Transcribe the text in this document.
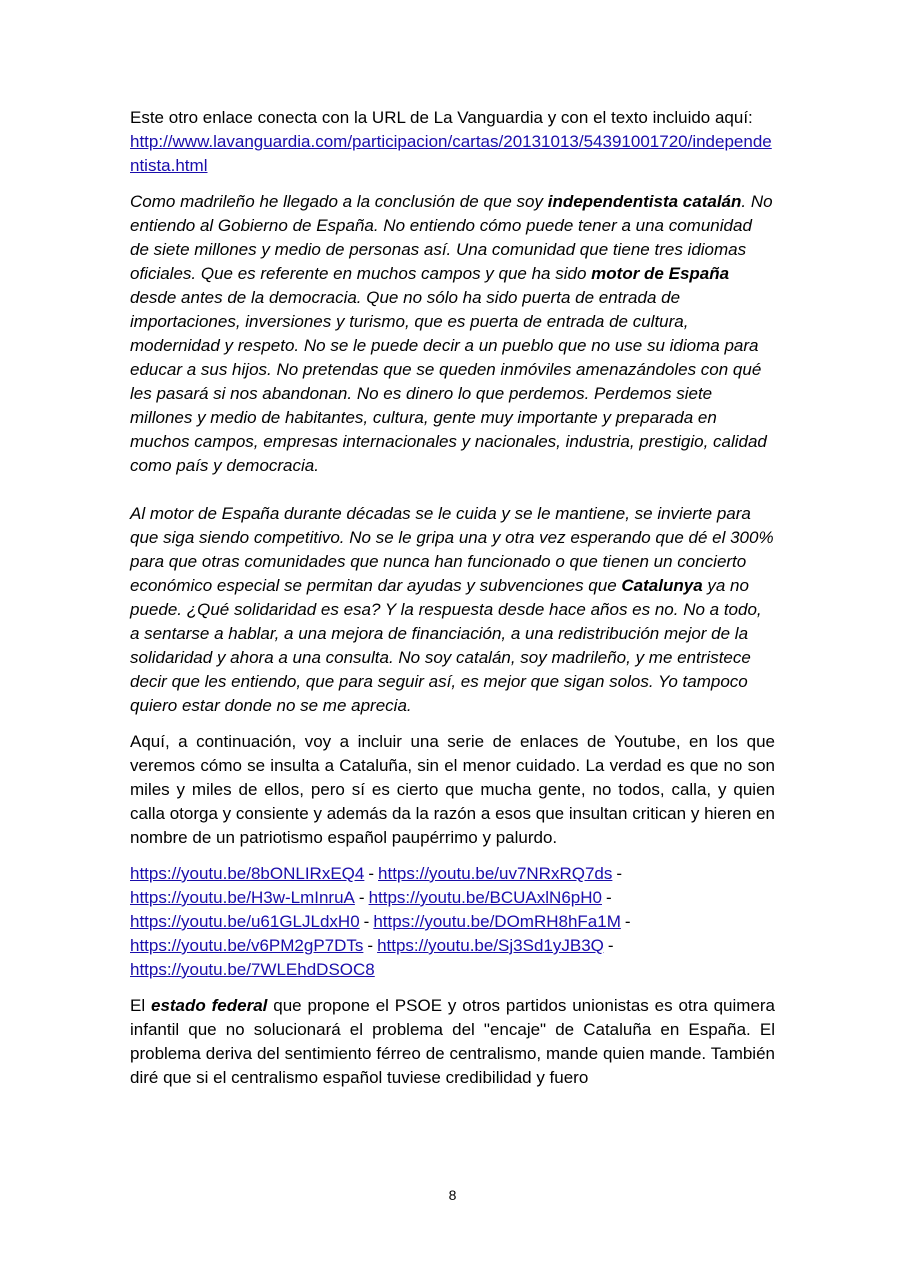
Este otro enlace conecta con la URL de La Vanguardia y con el texto incluido aquí:
http://www.lavanguardia.com/participacion/cartas/20131013/54391001720/independentista.html

Como madrileño he llegado a la conclusión de que soy independentista catalán. No entiendo al Gobierno de España. No entiendo cómo puede tener a una comunidad de siete millones y medio de personas así. Una comunidad que tiene tres idiomas oficiales. Que es referente en muchos campos y que ha sido motor de España desde antes de la democracia. Que no sólo ha sido puerta de entrada de importaciones, inversiones y turismo, que es puerta de entrada de cultura, modernidad y respeto. No se le puede decir a un pueblo que no use su idioma para educar a sus hijos. No pretendas que se queden inmóviles amenazándoles con qué les pasará si nos abandonan. No es dinero lo que perdemos. Perdemos siete millones y medio de habitantes, cultura, gente muy importante y preparada en muchos campos, empresas internacionales y nacionales, industria, prestigio, calidad como país y democracia.

Al motor de España durante décadas se le cuida y se le mantiene, se invierte para que siga siendo competitivo. No se le gripa una y otra vez esperando que dé el 300% para que otras comunidades que nunca han funcionado o que tienen un concierto económico especial se permitan dar ayudas y subvenciones que Catalunya ya no puede. ¿Qué solidaridad es esa? Y la respuesta desde hace años es no. No a todo, a sentarse a hablar, a una mejora de financiación, a una redistribución mejor de la solidaridad y ahora a una consulta. No soy catalán, soy madrileño, y me entristece decir que les entiendo, que para seguir así, es mejor que sigan solos. Yo tampoco quiero estar donde no se me aprecia.

Aquí, a continuación, voy a incluir una serie de enlaces de Youtube, en los que veremos cómo se insulta a Cataluña, sin el menor cuidado. La verdad es que no son miles y miles de ellos, pero sí es cierto que mucha gente, no todos, calla, y quien calla otorga y consiente y además da la razón a esos que insultan critican y hieren en nombre de un patriotismo español paupérrimo y palurdo.

https://youtu.be/8bONLIRxEQ4 - https://youtu.be/uv7NRxRQ7ds -
https://youtu.be/H3w-LmInruA - https://youtu.be/BCUAxlN6pH0 -
https://youtu.be/u61GLJLdxH0 - https://youtu.be/DOmRH8hFa1M -
https://youtu.be/v6PM2gP7DTs - https://youtu.be/Sj3Sd1yJB3Q -
https://youtu.be/7WLEhdDSOC8

El estado federal que propone el PSOE y otros partidos unionistas es otra quimera infantil que no solucionará el problema del "encaje" de Cataluña en España. El problema deriva del sentimiento férreo de centralismo, mande quien mande. También diré que si el centralismo español tuviese credibilidad y fuero

8
